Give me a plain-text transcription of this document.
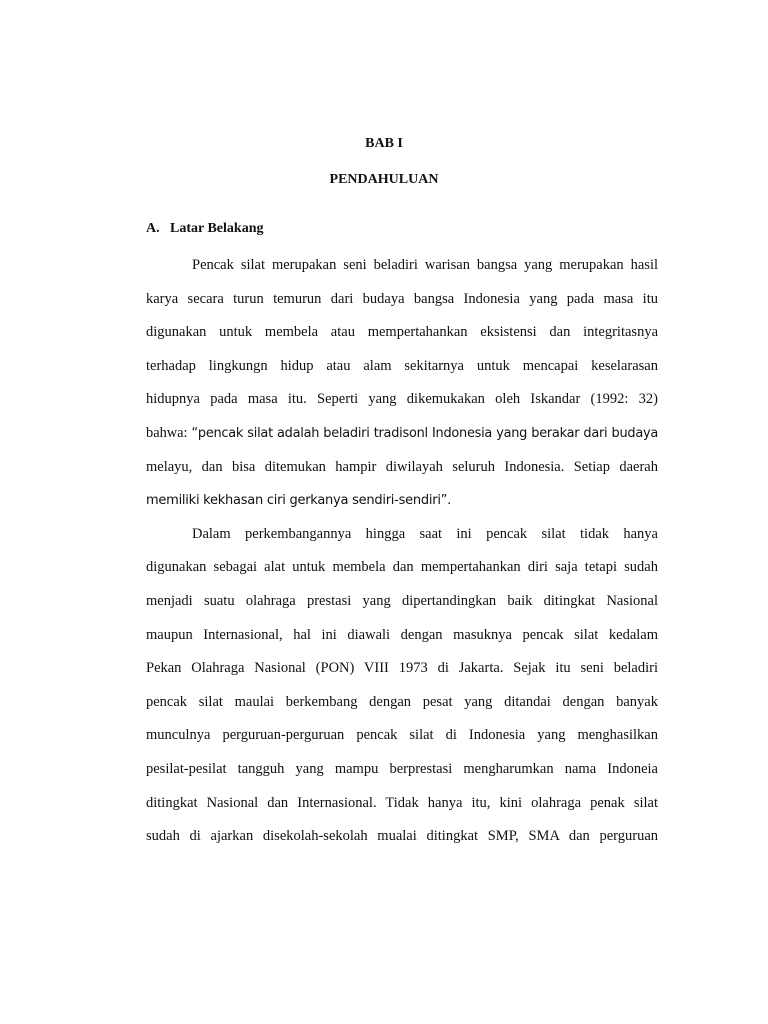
BAB I
PENDAHULUAN
A. Latar Belakang
Pencak silat merupakan seni beladiri warisan bangsa yang merupakan hasil
karya secara turun temurun dari budaya bangsa Indonesia yang pada masa itu
digunakan untuk membela atau mempertahankan eksistensi dan integritasnya
terhadap lingkungn hidup atau alam sekitarnya untuk mencapai keselarasan
hidupnya pada masa itu. Seperti yang dikemukakan oleh Iskandar (1992: 32)
bahwa: “pencak silat adalah beladiri tradisonl Indonesia yang berakar dari budaya
melayu, dan bisa ditemukan hampir diwilayah seluruh Indonesia. Setiap daerah
memiliki kekhasan ciri gerkanya sendiri-sendiri”.
Dalam perkembangannya hingga saat ini pencak silat tidak hanya
digunakan sebagai alat untuk membela dan mempertahankan diri saja tetapi sudah
menjadi suatu olahraga prestasi yang dipertandingkan baik ditingkat Nasional
maupun Internasional, hal ini diawali dengan masuknya pencak silat kedalam
Pekan Olahraga Nasional (PON) VIII 1973 di Jakarta. Sejak itu seni beladiri
pencak silat maulai berkembang dengan pesat yang ditandai dengan banyak
munculnya perguruan-perguruan pencak silat di Indonesia yang menghasilkan
pesilat-pesilat tangguh yang mampu berprestasi mengharumkan nama Indoneia
ditingkat Nasional dan Internasional. Tidak hanya itu, kini olahraga penak silat
sudah di ajarkan disekolah-sekolah mualai ditingkat SMP, SMA dan perguruan
